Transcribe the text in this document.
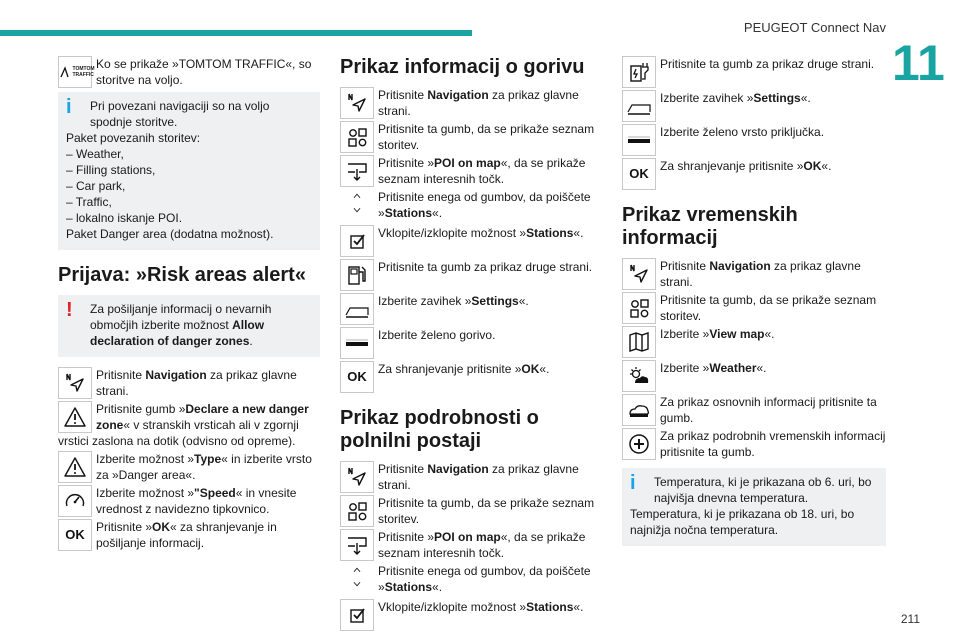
PEUGEOT Connect Nav
11
TOMTOM TRAFFIC
Ko se prikaže »TOMTOM TRAFFIC«, so storitve na voljo.
i	Pri povezani navigaciji so na voljo spodnje storitve.
Paket povezanih storitev:
– Weather,
– Filling stations,
– Car park,
– Traffic,
– lokalno iskanje POI.
Paket Danger area (dodatna možnost).
Prijava: »Risk areas alert«
!	Za pošiljanje informacij o nevarnih območjih izberite možnost Allow declaration of danger zones.
Pritisnite Navigation za prikaz glavne strani.
Pritisnite gumb »Declare a new danger zone« v stranskih vrsticah ali v zgornji vrstici zaslona na dotik (odvisno od opreme).
Izberite možnost »Type« in izberite vrsto za »Danger area«.
Izberite možnost »"Speed« in vnesite vrednost z navidezno tipkovnico.
OK Pritisnite »OK« za shranjevanje in pošiljanje informacij.
Prikaz informacij o gorivu
Pritisnite Navigation za prikaz glavne strani.
Pritisnite ta gumb, da se prikaže seznam storitev.
Pritisnite »POI on map«, da se prikaže seznam interesnih točk.
Pritisnite enega od gumbov, da poiščete »Stations«.
Vklopite/izklopite možnost »Stations«.
Pritisnite ta gumb za prikaz druge strani.
Izberite zavihek »Settings«.
Izberite želeno gorivo.
OK Za shranjevanje pritisnite »OK«.
Prikaz podrobnosti o polnilni postaji
Pritisnite Navigation za prikaz glavne strani.
Pritisnite ta gumb, da se prikaže seznam storitev.
Pritisnite »POI on map«, da se prikaže seznam interesnih točk.
Pritisnite enega od gumbov, da poiščete »Stations«.
Vklopite/izklopite možnost »Stations«.
Pritisnite ta gumb za prikaz druge strani.
Izberite zavihek »Settings«.
Izberite želeno vrsto priključka.
OK Za shranjevanje pritisnite »OK«.
Prikaz vremenskih informacij
Pritisnite Navigation za prikaz glavne strani.
Pritisnite ta gumb, da se prikaže seznam storitev.
Izberite »View map«.
Izberite »Weather«.
Za prikaz osnovnih informacij pritisnite ta gumb.
Za prikaz podrobnih vremenskih informacij pritisnite ta gumb.
i	Temperatura, ki je prikazana ob 6. uri, bo najvišja dnevna temperatura.
Temperatura, ki je prikazana ob 18. uri, bo najnižja nočna temperatura.
211
